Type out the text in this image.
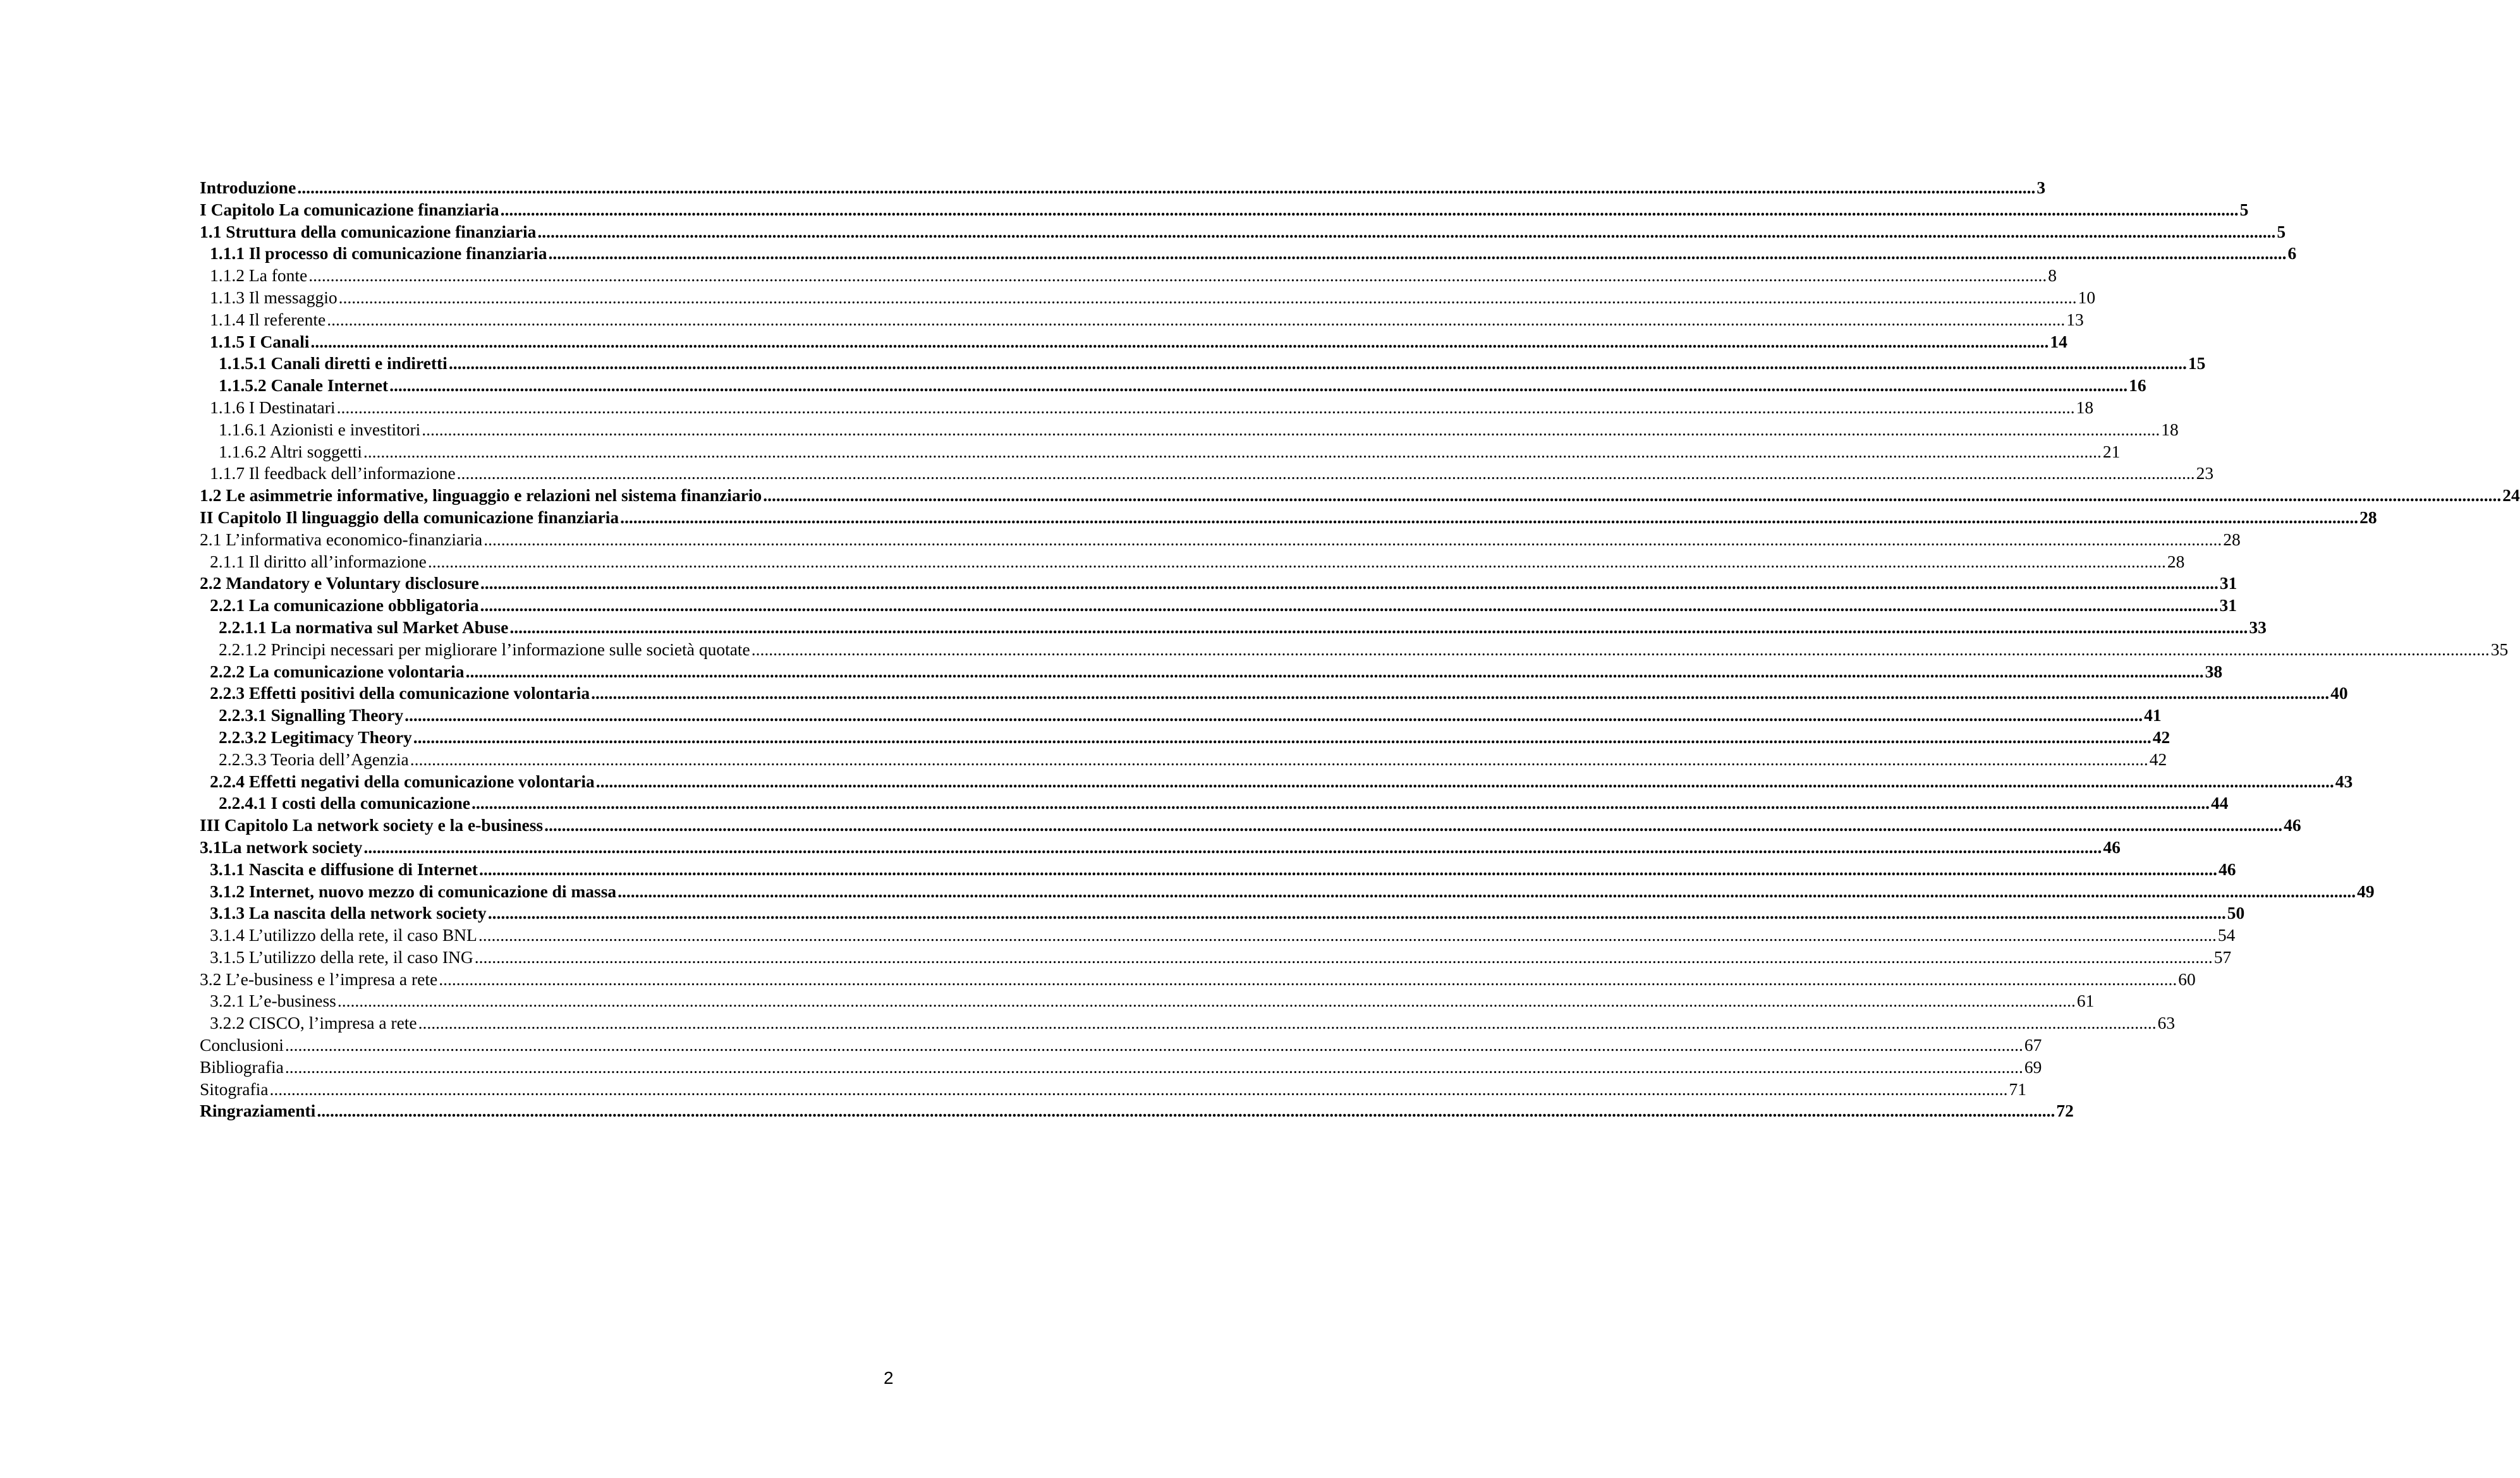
Introduzione ................................................................................................................................................................................................................................................................................................................................................................................................................ 3
I Capitolo La comunicazione finanziaria ................................................................................................................................................................................................................................................................................................................................................................................................................ 5
1.1 Struttura della comunicazione finanziaria ................................................................................................................................................................................................................................................................................................................................................................................................................ 5
1.1.1 Il processo di comunicazione finanziaria ................................................................................................................................................................................................................................................................................................................................................................................................................ 6
1.1.2 La fonte ................................................................................................................................................................................................................................................................................................................................................................................................................ 8
1.1.3 Il messaggio ................................................................................................................................................................................................................................................................................................................................................................................................................ 10
1.1.4 Il referente ................................................................................................................................................................................................................................................................................................................................................................................................................ 13
1.1.5 I Canali ................................................................................................................................................................................................................................................................................................................................................................................................................ 14
1.1.5.1 Canali diretti e indiretti ................................................................................................................................................................................................................................................................................................................................................................................................................ 15
1.1.5.2 Canale Internet ................................................................................................................................................................................................................................................................................................................................................................................................................ 16
1.1.6 I Destinatari ................................................................................................................................................................................................................................................................................................................................................................................................................ 18
1.1.6.1 Azionisti e investitori ................................................................................................................................................................................................................................................................................................................................................................................................................ 18
1.1.6.2 Altri soggetti ................................................................................................................................................................................................................................................................................................................................................................................................................ 21
1.1.7 Il feedback dell’informazione ................................................................................................................................................................................................................................................................................................................................................................................................................ 23
1.2 Le asimmetrie informative, linguaggio e relazioni nel sistema finanziario ................................................................................................................................................................................................................................................................................................................................................................................................................ 24
II Capitolo Il linguaggio della comunicazione finanziaria ................................................................................................................................................................................................................................................................................................................................................................................................................ 28
2.1 L’informativa economico-finanziaria ................................................................................................................................................................................................................................................................................................................................................................................................................ 28
2.1.1 Il diritto all’informazione ................................................................................................................................................................................................................................................................................................................................................................................................................ 28
2.2 Mandatory e Voluntary disclosure ................................................................................................................................................................................................................................................................................................................................................................................................................ 31
2.2.1 La comunicazione obbligatoria ................................................................................................................................................................................................................................................................................................................................................................................................................ 31
2.2.1.1 La normativa sul Market Abuse ................................................................................................................................................................................................................................................................................................................................................................................................................ 33
2.2.1.2 Principi necessari per migliorare l’informazione sulle società quotate ................................................................................................................................................................................................................................................................................................................................................................................................................ 35
2.2.2 La comunicazione volontaria ................................................................................................................................................................................................................................................................................................................................................................................................................ 38
2.2.3 Effetti positivi della comunicazione volontaria ................................................................................................................................................................................................................................................................................................................................................................................................................ 40
2.2.3.1 Signalling Theory ................................................................................................................................................................................................................................................................................................................................................................................................................ 41
2.2.3.2 Legitimacy Theory ................................................................................................................................................................................................................................................................................................................................................................................................................ 42
2.2.3.3 Teoria dell’Agenzia ................................................................................................................................................................................................................................................................................................................................................................................................................ 42
2.2.4 Effetti negativi della comunicazione volontaria ................................................................................................................................................................................................................................................................................................................................................................................................................ 43
2.2.4.1 I costi della comunicazione ................................................................................................................................................................................................................................................................................................................................................................................................................ 44
III Capitolo La network society e la e-business ................................................................................................................................................................................................................................................................................................................................................................................................................ 46
3.1La network society ................................................................................................................................................................................................................................................................................................................................................................................................................ 46
3.1.1 Nascita e diffusione di Internet ................................................................................................................................................................................................................................................................................................................................................................................................................ 46
3.1.2 Internet, nuovo mezzo di comunicazione di massa ................................................................................................................................................................................................................................................................................................................................................................................................................ 49
3.1.3 La nascita della network society ................................................................................................................................................................................................................................................................................................................................................................................................................ 50
3.1.4 L’utilizzo della rete, il caso BNL ................................................................................................................................................................................................................................................................................................................................................................................................................ 54
3.1.5 L’utilizzo della rete, il caso ING ................................................................................................................................................................................................................................................................................................................................................................................................................ 57
3.2 L’e-business e l’impresa a rete ................................................................................................................................................................................................................................................................................................................................................................................................................ 60
3.2.1 L’e-business ................................................................................................................................................................................................................................................................................................................................................................................................................ 61
3.2.2 CISCO, l’impresa a rete ................................................................................................................................................................................................................................................................................................................................................................................................................ 63
Conclusioni ................................................................................................................................................................................................................................................................................................................................................................................................................ 67
Bibliografia ................................................................................................................................................................................................................................................................................................................................................................................................................ 69
Sitografia ................................................................................................................................................................................................................................................................................................................................................................................................................ 71
Ringraziamenti ................................................................................................................................................................................................................................................................................................................................................................................................................ 72
2
